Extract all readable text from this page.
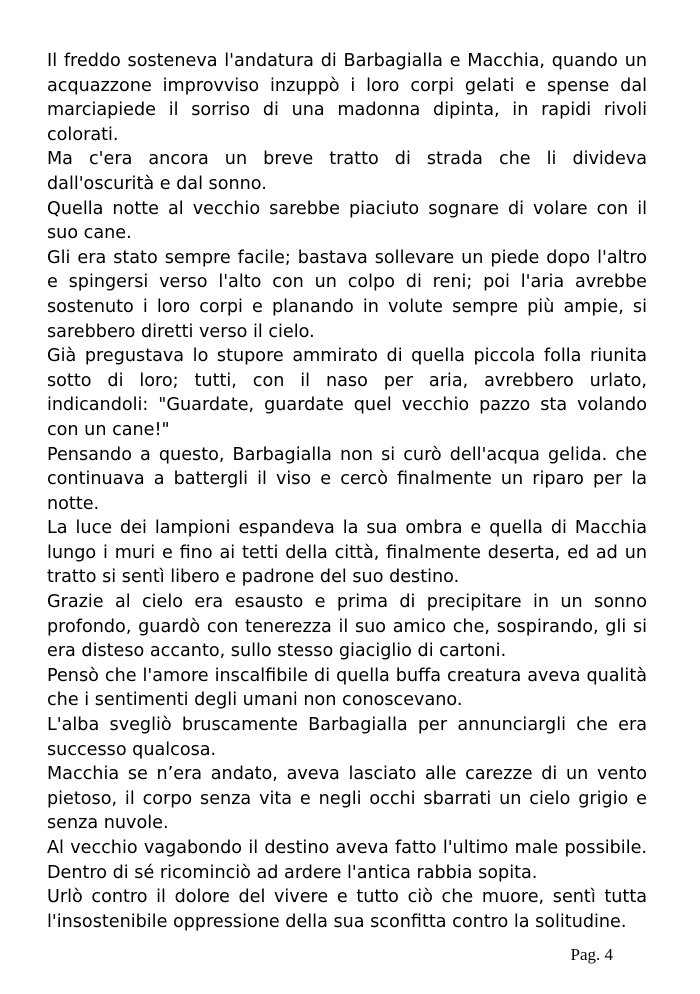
Il freddo sosteneva l'andatura di Barbagialla e Macchia, quando un acquazzone improvviso inzuppò i loro corpi gelati e spense dal marciapiede il sorriso di una madonna dipinta, in rapidi rivoli colorati.

Ma c'era ancora un breve tratto di strada che li divideva dall'oscurità e dal sonno.

Quella notte al vecchio sarebbe piaciuto sognare di volare con il suo cane.

Gli era stato sempre facile; bastava sollevare un piede dopo l'altro e spingersi verso l'alto con un colpo di reni; poi l'aria avrebbe sostenuto i loro corpi e planando in volute sempre più ampie, si sarebbero diretti verso il cielo.

Già pregustava lo stupore ammirato di quella piccola folla riunita sotto di loro; tutti, con il naso per aria, avrebbero urlato, indicandoli: "Guardate, guardate quel vecchio pazzo sta volando con un cane!"

Pensando a questo, Barbagialla non si curò dell'acqua gelida. che continuava a battergli il viso e cercò finalmente un riparo per la notte.

La luce dei lampioni espandeva la sua ombra e quella di Macchia lungo i muri e fino ai tetti della città, finalmente deserta, ed ad un tratto si sentì libero e padrone del suo destino.

Grazie al cielo era esausto e prima di precipitare in un sonno profondo, guardò con tenerezza il suo amico che, sospirando, gli si era disteso accanto, sullo stesso giaciglio di cartoni.

Pensò che l'amore inscalfibile di quella buffa creatura aveva qualità che i sentimenti degli umani non conoscevano.

L'alba svegliò bruscamente Barbagialla per annunciargli che era successo qualcosa.

Macchia se n’era andato, aveva lasciato alle carezze di un vento pietoso, il corpo senza vita e negli occhi sbarrati un cielo grigio e senza nuvole.

Al vecchio vagabondo il destino aveva fatto l'ultimo male possibile. Dentro di sé ricominciò ad ardere l'antica rabbia sopita.

Urlò contro il dolore del vivere e tutto ciò che muore, sentì tutta l'insostenibile oppressione della sua sconfitta contro la solitudine.

Pag. 4
